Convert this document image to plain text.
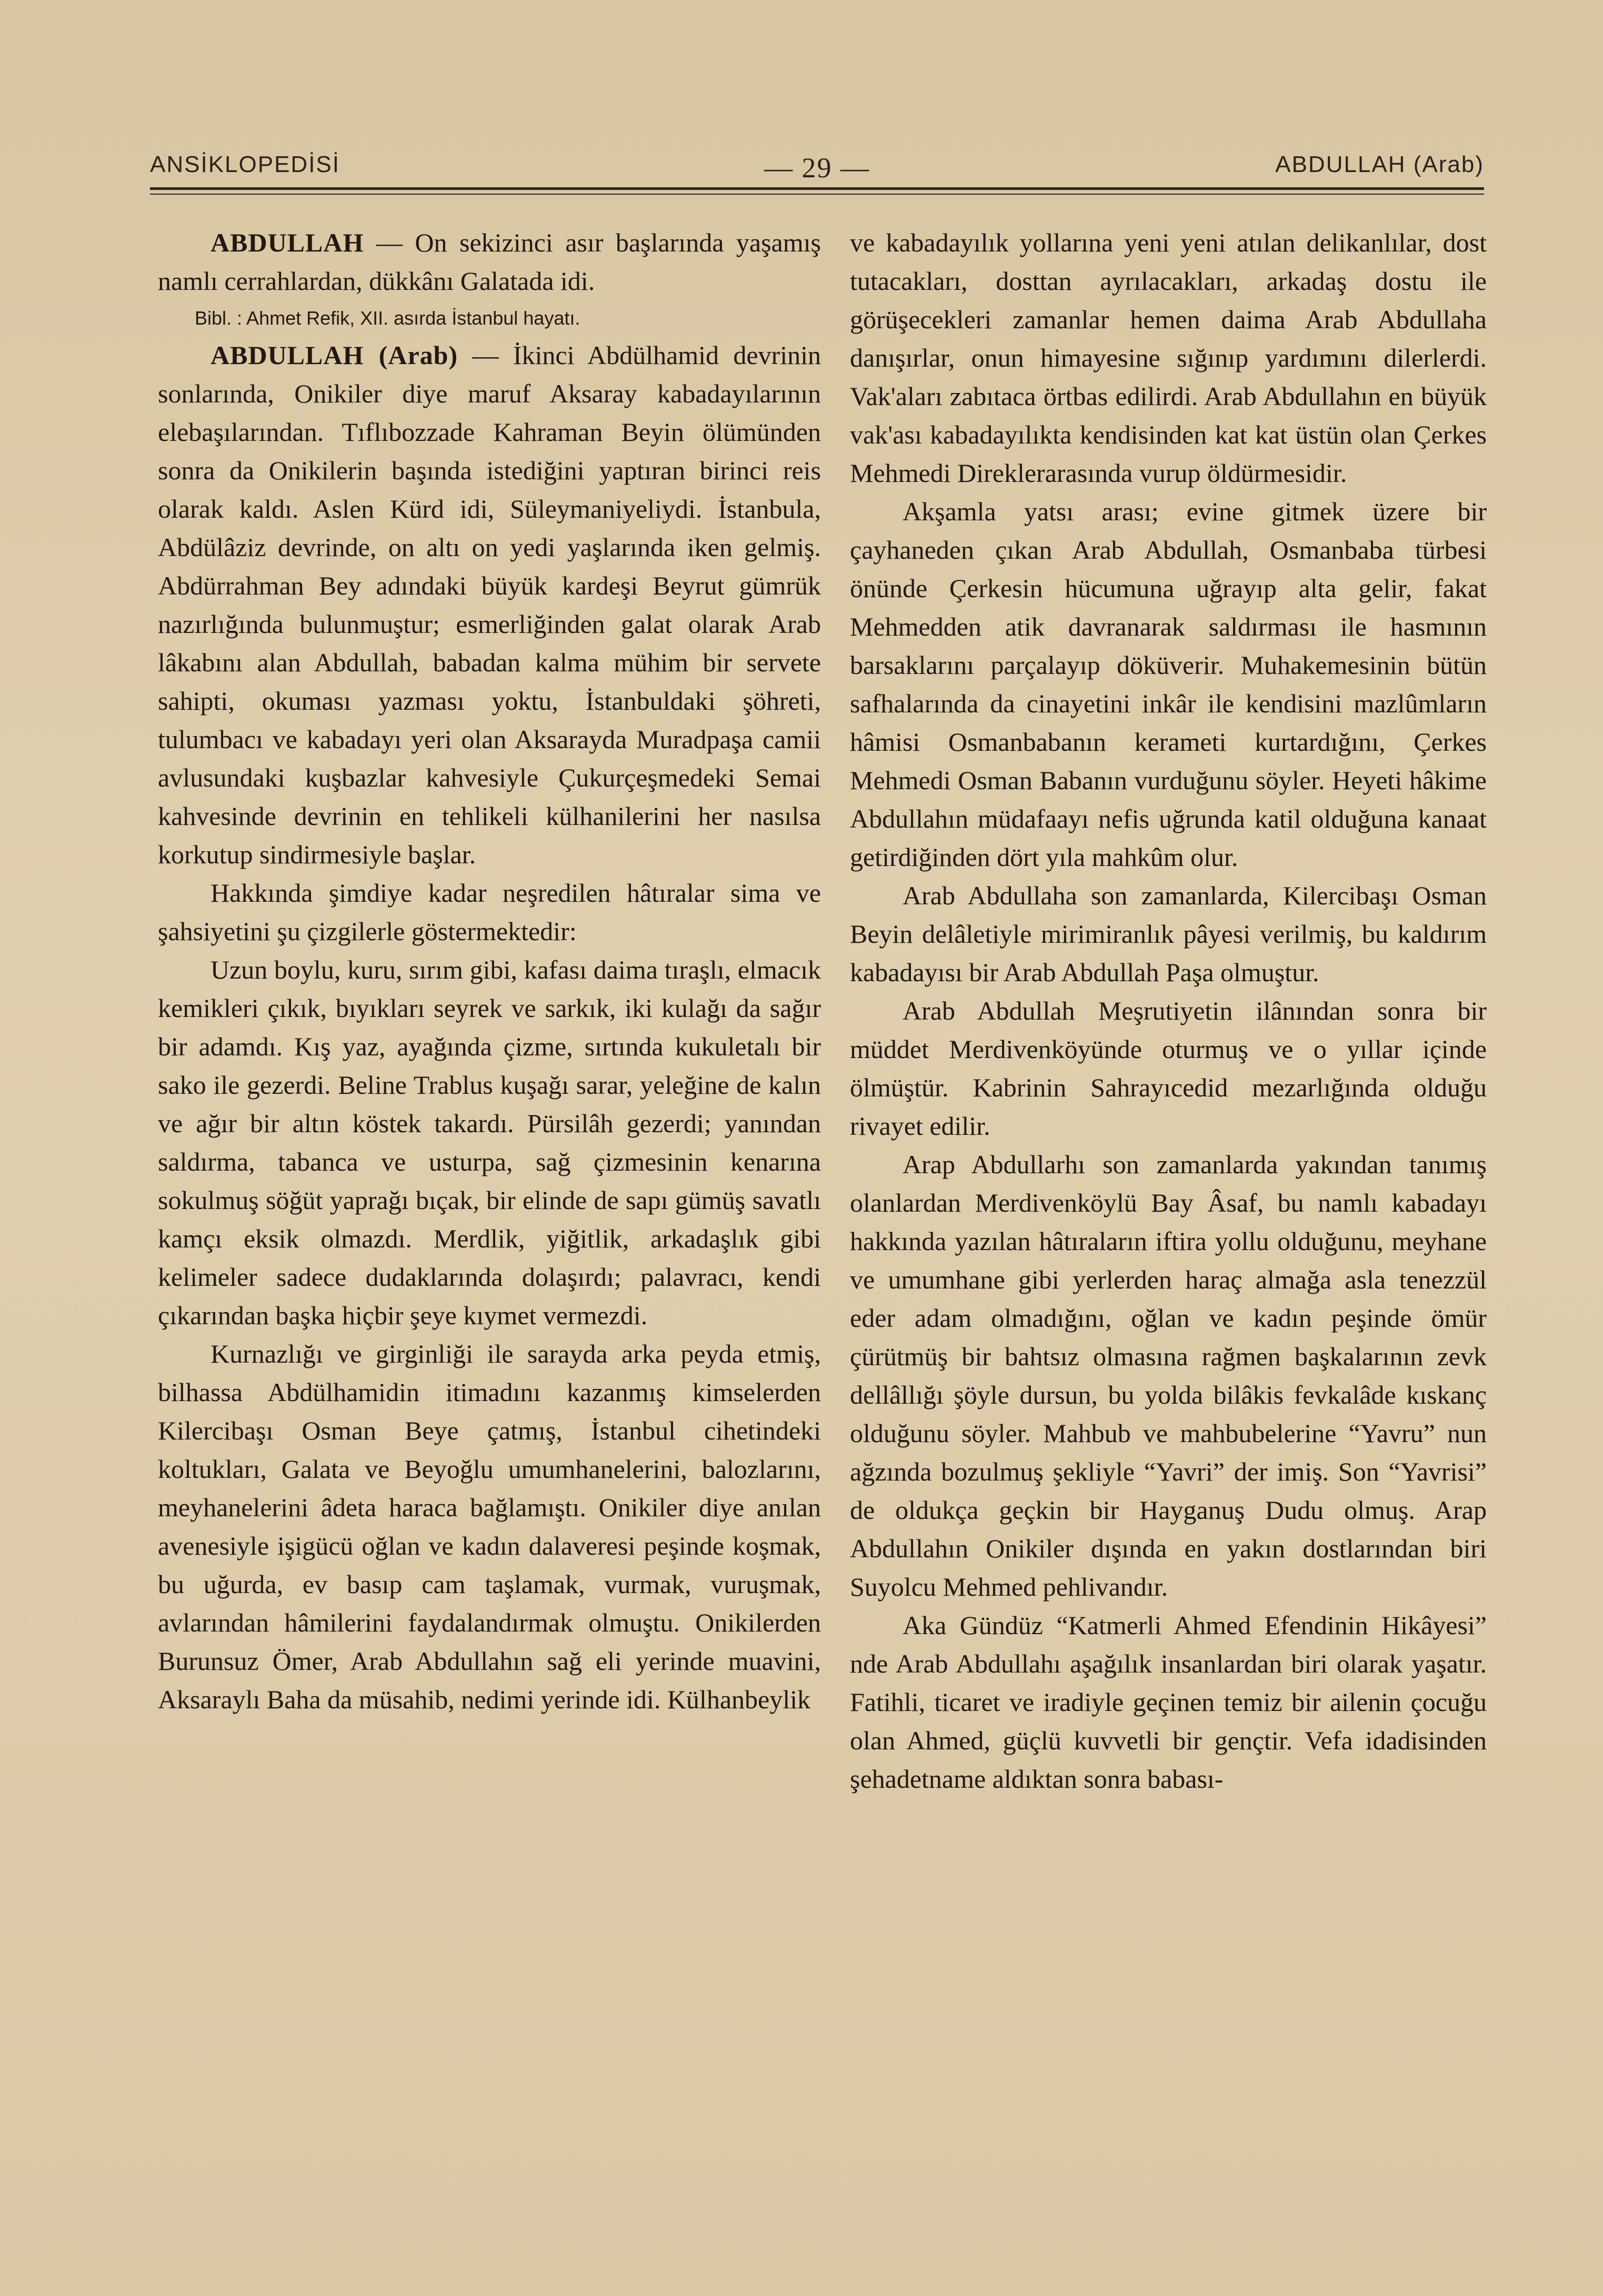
ANSİKLOPEDİSİ	— 29 —	ABDULLAH (Arab)

ABDULLAH — On sekizinci asır başlarında yaşamış namlı cerrahlardan, dükkânı Galatada idi.

Bibl. : Ahmet Refik, XII. asırda İstanbul hayatı.

ABDULLAH (Arab) — İkinci Abdülhamid devrinin sonlarında, Onikiler diye maruf Aksaray kabadayılarının elebaşılarından. Tıflıbozzade Kahraman Beyin ölümünden sonra da Onikilerin başında istediğini yaptıran birinci reis olarak kaldı. Aslen Kürd idi, Süleymaniyeliydi. İstanbula, Abdülâziz devrinde, on altı on yedi yaşlarında iken gelmiş. Abdürrahman Bey adındaki büyük kardeşi Beyrut gümrük nazırlığında bulunmuştur; esmerliğinden galat olarak Arab lâkabını alan Abdullah, babadan kalma mühim bir servete sahipti, okuması yazması yoktu, İstanbuldaki şöhreti, tulumbacı ve kabadayı yeri olan Aksarayda Muradpaşa camii avlusundaki kuşbazlar kahvesiyle Çukurçeşmedeki Semai kahvesinde devrinin en tehlikeli külhanilerini her nasılsa korkutup sindirmesiyle başlar.

Hakkında şimdiye kadar neşredilen hâtıralar sima ve şahsiyetini şu çizgilerle göstermektedir:

Uzun boylu, kuru, sırım gibi, kafası daima tıraşlı, elmacık kemikleri çıkık, bıyıkları seyrek ve sarkık, iki kulağı da sağır bir adamdı. Kış yaz, ayağında çizme, sırtında kukuletalı bir sako ile gezerdi. Beline Trablus kuşağı sarar, yeleğine de kalın ve ağır bir altın köstek takardı. Pürsilâh gezerdi; yanından saldırma, tabanca ve usturpa, sağ çizmesinin kenarına sokulmuş söğüt yaprağı bıçak, bir elinde de sapı gümüş savatlı kamçı eksik olmazdı. Merdlik, yiğitlik, arkadaşlık gibi kelimeler sadece dudaklarında dolaşırdı; palavracı, kendi çıkarından başka hiçbir şeye kıymet vermezdi.

Kurnazlığı ve girginliği ile sarayda arka peyda etmiş, bilhassa Abdülhamidin itimadını kazanmış kimselerden Kilercibaşı Osman Beye çatmış, İstanbul cihetindeki koltukları, Galata ve Beyoğlu umumhanelerini, balozlarını, meyhanelerini âdeta haraca bağlamıştı. Onikiler diye anılan avenesiyle işigücü oğlan ve kadın dalaveresi peşinde koşmak, bu uğurda, ev basıp cam taşlamak, vurmak, vuruşmak, avlarından hâmilerini faydalandırmak olmuştu. Onikilerden Burunsuz Ömer, Arab Abdullahın sağ eli yerinde muavini, Aksaraylı Baha da müsahib, nedimi yerinde idi. Külhanbeylik

ve kabadayılık yollarına yeni yeni atılan delikanlılar, dost tutacakları, dosttan ayrılacakları, arkadaş dostu ile görüşecekleri zamanlar hemen daima Arab Abdullaha danışırlar, onun himayesine sığınıp yardımını dilerlerdi. Vak'aları zabıtaca örtbas edilirdi. Arab Abdullahın en büyük vak'ası kabadayılıkta kendisinden kat kat üstün olan Çerkes Mehmedi Direklerarasında vurup öldürmesidir.

Akşamla yatsı arası; evine gitmek üzere bir çayhaneden çıkan Arab Abdullah, Osmanbaba türbesi önünde Çerkesin hücumuna uğrayıp alta gelir, fakat Mehmedden atik davranarak saldırması ile hasmının barsaklarını parçalayıp döküverir. Muhakemesinin bütün safhalarında da cinayetini inkâr ile kendisini mazlûmların hâmisi Osmanbabanın kerameti kurtardığını, Çerkes Mehmedi Osman Babanın vurduğunu söyler. Heyeti hâkime Abdullahın müdafaayı nefis uğrunda katil olduğuna kanaat getirdiğinden dört yıla mahkûm olur.

Arab Abdullaha son zamanlarda, Kilercibaşı Osman Beyin delâletiyle mirimiranlık pâyesi verilmiş, bu kaldırım kabadayısı bir Arab Abdullah Paşa olmuştur.

Arab Abdullah Meşrutiyetin ilânından sonra bir müddet Merdivenköyünde oturmuş ve o yıllar içinde ölmüştür. Kabrinin Sahrayıcedid mezarlığında olduğu rivayet edilir.

Arap Abdullarhı son zamanlarda yakından tanımış olanlardan Merdivenköylü Bay Âsaf, bu namlı kabadayı hakkında yazılan hâtıraların iftira yollu olduğunu, meyhane ve umumhane gibi yerlerden haraç almağa asla tenezzül eder adam olmadığını, oğlan ve kadın peşinde ömür çürütmüş bir bahtsız olmasına rağmen başkalarının zevk dellâllığı şöyle dursun, bu yolda bilâkis fevkalâde kıskanç olduğunu söyler. Mahbub ve mahbubelerine “Yavru” nun ağzında bozulmuş şekliyle “Yavri” der imiş. Son “Yavrisi” de oldukça geçkin bir Hayganuş Dudu olmuş. Arap Abdullahın Onikiler dışında en yakın dostlarından biri Suyolcu Mehmed pehlivandır.

Aka Gündüz “Katmerli Ahmed Efendinin Hikâyesi” nde Arab Abdullahı aşağılık insanlardan biri olarak yaşatır. Fatihli, ticaret ve iradiyle geçinen temiz bir ailenin çocuğu olan Ahmed, güçlü kuvvetli bir gençtir. Vefa idadisinden şehadetname aldıktan sonra babası-
